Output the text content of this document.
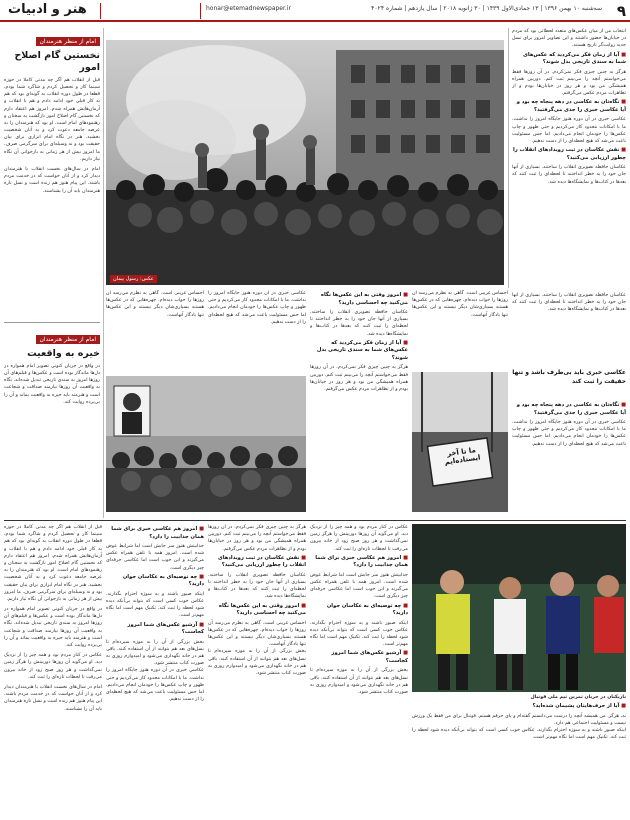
۹
سه‌شنبه ۱۰ بهمن ۱۳۹۶ | ۱۳ جمادی‌الاول ۱۴۳۹ | ۳۰ ژانویه ۲۰۱۸ | سال یازدهم | شماره ۴۰۲۴
honar@etemadnewspaper.ir
هنر و ادبیات
امام از منظر هنرمندان
نخستین گام اصلاح امور
قبل از انقلاب هم اگر چه مدتی کاملا در حوزه سینما کار و تحصیل کردم و شاگرد شما بودم، قطعا در طول دوره انقلاب به گونه‌ای بود که هم به کار قبلی خود ادامه دادم و هم با انقلاب و آرمان‌هایش همراه شدم. امروز هم اعتقاد دارم که نخستین گام اصلاح امور بازگشت به سخنان و رهنمودهای امام است. او بود که هنرمندان را به عرصه جامعه دعوت کرد و به آنان شخصیت بخشید. هنر در نگاه امام ابزاری برای بیان حقیقت بود و نه وسیله‌ای برای سرگرمی صرف. ما امروز بیش از هر زمانی به بازخوانی آن نگاه نیاز داریم.
امام در سال‌های نخست انقلاب با هنرمندان دیدار کرد و از آنان خواست که در خدمت مردم باشند. این پیام هنوز هم زنده است و نسل تازه هنرمندان باید آن را بشناسند.
امام از منظر هنرمندان
خیره به واقعیت
در واقع در جریان کنونی تصویر امام همواره در دل‌ها ماندگار بوده است و عکس‌ها و فیلم‌های آن روزها امروز به سندی تاریخی تبدیل شده‌اند. نگاه به واقعیت آن روزها نیازمند صداقت و شجاعت است و هنرمند باید خیره به واقعیت بماند و آن را بی‌پرده روایت کند.
عکس: رسول پیمان
انتخاب من از میان عکس‌های متعدد لحظاتی بود که مردم در خیابان‌ها حضور داشتند و این تصاویر امروز برای نسل جدید روایت‌گر تاریخ هستند.
■ آیا از زمان فکر می‌کردید که عکس‌های شما به سندی تاریخی بدل شوند؟
هرگز به چنین چیزی فکر نمی‌کردم. در آن روزها فقط می‌خواستم آنچه را می‌بینم ثبت کنم. دوربین همراه همیشگی من بود و هر روز در خیابان‌ها بودم و از تظاهرات مردم عکس می‌گرفتم.
■ نگاه‌تان به عکاسی در دهه پنجاه چه بود و آیا عکاسی خبری را جدی می‌گرفتید؟
عکاسی خبری در آن دوره هنوز جایگاه امروز را نداشت. ما با امکانات محدود کار می‌کردیم و حتی ظهور و چاپ عکس‌ها را خودمان انجام می‌دادیم. اما حس مسئولیت باعث می‌شد که هیچ لحظه‌ای را از دست ندهیم.
■ نقش عکاسان در ثبت رویدادهای انقلاب را چطور ارزیابی می‌کنید؟
عکاسان حافظه تصویری انقلاب را ساختند. بسیاری از آنها جان خود را به خطر انداختند تا لحظه‌ای را ثبت کنند که بعدها در کتاب‌ها و نمایشگاه‌ها دیده شد.
احساس غریبی است. گاهی به نظرم می‌رسد آن روزها را خواب دیده‌ام. چهره‌هایی که در عکس‌ها هستند بسیاری‌شان دیگر نیستند و این عکس‌ها تنها یادگار آنهاست.
عکاسی خبری در آن دوره هنوز جایگاه امروز را نداشت. ما با امکانات محدود کار می‌کردیم و حتی ظهور و چاپ عکس‌ها را خودمان انجام می‌دادیم. اما حس مسئولیت باعث می‌شد که هیچ لحظه‌ای را از دست ندهیم.
■ امروز وقتی به این عکس‌ها نگاه می‌کنید چه احساسی دارید؟
عکاسان حافظه تصویری انقلاب را ساختند. بسیاری از آنها جان خود را به خطر انداختند تا لحظه‌ای را ثبت کنند که بعدها در کتاب‌ها و نمایشگاه‌ها دیده شد.
■ آیا از زمان فکر می‌کردید که عکس‌های شما به سندی تاریخی بدل شوند؟
هرگز به چنین چیزی فکر نمی‌کردم. در آن روزها فقط می‌خواستم آنچه را می‌بینم ثبت کنم. دوربین همراه همیشگی من بود و هر روز در خیابان‌ها بودم و از تظاهرات مردم عکس می‌گرفتم.
احساس غریبی است. گاهی به نظرم می‌رسد آن روزها را خواب دیده‌ام. چهره‌هایی که در عکس‌ها هستند بسیاری‌شان دیگر نیستند و این عکس‌ها تنها یادگار آنهاست.
عکاسان حافظه تصویری انقلاب را ساختند. بسیاری از آنها جان خود را به خطر انداختند تا لحظه‌ای را ثبت کنند که بعدها در کتاب‌ها و نمایشگاه‌ها دیده شد.
ما تا آخر ایستاده‌ایم
عکاسی خبری باید بی‌طرف باشد و تنها حقیقت را ثبت کند
■ نگاه‌تان به عکاسی در دهه پنجاه چه بود و آیا عکاسی خبری را جدی می‌گرفتید؟
عکاسی خبری در آن دوره هنوز جایگاه امروز را نداشت. ما با امکانات محدود کار می‌کردیم و حتی ظهور و چاپ عکس‌ها را خودمان انجام می‌دادیم. اما حس مسئولیت باعث می‌شد که هیچ لحظه‌ای را از دست ندهیم.
بازیکنان در جریان تمرین تیم ملی فوتبال
■ آیا از حرف‌هایتان پشیمان شده‌اید؟
نه، هرگز. من همیشه آنچه را درست می‌دانستم گفته‌ام و پای حرفم هستم. فوتبال برای من فقط یک ورزش نیست و مسئولیت اجتماعی هم دارد.
اینکه صبور باشند و به سوژه احترام بگذارند. عکاس خوب کسی است که بتواند بی‌آنکه دیده شود لحظه را ثبت کند. تکنیک مهم است اما نگاه مهم‌تر است.
عکاس در کنار مردم بود و همه چیز را از نزدیک دید. او می‌گوید آن روزها دوربینش را هرگز زمین نمی‌گذاشت و هر روز صبح زود از خانه بیرون می‌رفت تا لحظات تازه‌ای را ثبت کند.
■ امروز هم عکاسی خبری برای شما همان جذابیت را دارد؟
جذابیتش هنوز سر جایش است اما شرایط عوض شده است. امروز همه با تلفن همراه عکس می‌گیرند و این خوب است اما عکاسی حرفه‌ای چیز دیگری است.
■ چه توصیه‌ای به عکاسان جوان دارید؟
اینکه صبور باشند و به سوژه احترام بگذارند. عکاس خوب کسی است که بتواند بی‌آنکه دیده شود لحظه را ثبت کند. تکنیک مهم است اما نگاه مهم‌تر است.
■ آرشیو عکس‌های شما امروز کجاست؟
بخش بزرگی از آن را به موزه سپرده‌ام تا نسل‌های بعد هم بتوانند از آن استفاده کنند. باقی هم در خانه نگهداری می‌شود و امیدوارم روزی به صورت کتاب منتشر شود.
هرگز به چنین چیزی فکر نمی‌کردم. در آن روزها فقط می‌خواستم آنچه را می‌بینم ثبت کنم. دوربین همراه همیشگی من بود و هر روز در خیابان‌ها بودم و از تظاهرات مردم عکس می‌گرفتم.
■ نقش عکاسان در ثبت رویدادهای انقلاب را چطور ارزیابی می‌کنید؟
عکاسان حافظه تصویری انقلاب را ساختند. بسیاری از آنها جان خود را به خطر انداختند تا لحظه‌ای را ثبت کنند که بعدها در کتاب‌ها و نمایشگاه‌ها دیده شد.
■ امروز وقتی به این عکس‌ها نگاه می‌کنید چه احساسی دارید؟
احساس غریبی است. گاهی به نظرم می‌رسد آن روزها را خواب دیده‌ام. چهره‌هایی که در عکس‌ها هستند بسیاری‌شان دیگر نیستند و این عکس‌ها تنها یادگار آنهاست.
بخش بزرگی از آن را به موزه سپرده‌ام تا نسل‌های بعد هم بتوانند از آن استفاده کنند. باقی هم در خانه نگهداری می‌شود و امیدوارم روزی به صورت کتاب منتشر شود.
■ امروز هم عکاسی خبری برای شما همان جذابیت را دارد؟
جذابیتش هنوز سر جایش است اما شرایط عوض شده است. امروز همه با تلفن همراه عکس می‌گیرند و این خوب است اما عکاسی حرفه‌ای چیز دیگری است.
■ چه توصیه‌ای به عکاسان جوان دارید؟
اینکه صبور باشند و به سوژه احترام بگذارند. عکاس خوب کسی است که بتواند بی‌آنکه دیده شود لحظه را ثبت کند. تکنیک مهم است اما نگاه مهم‌تر است.
■ آرشیو عکس‌های شما امروز کجاست؟
بخش بزرگی از آن را به موزه سپرده‌ام تا نسل‌های بعد هم بتوانند از آن استفاده کنند. باقی هم در خانه نگهداری می‌شود و امیدوارم روزی به صورت کتاب منتشر شود.
عکاسی خبری در آن دوره هنوز جایگاه امروز را نداشت. ما با امکانات محدود کار می‌کردیم و حتی ظهور و چاپ عکس‌ها را خودمان انجام می‌دادیم. اما حس مسئولیت باعث می‌شد که هیچ لحظه‌ای را از دست ندهیم.
قبل از انقلاب هم اگر چه مدتی کاملا در حوزه سینما کار و تحصیل کردم و شاگرد شما بودم، قطعا در طول دوره انقلاب به گونه‌ای بود که هم به کار قبلی خود ادامه دادم و هم با انقلاب و آرمان‌هایش همراه شدم. امروز هم اعتقاد دارم که نخستین گام اصلاح امور بازگشت به سخنان و رهنمودهای امام است. او بود که هنرمندان را به عرصه جامعه دعوت کرد و به آنان شخصیت بخشید. هنر در نگاه امام ابزاری برای بیان حقیقت بود و نه وسیله‌ای برای سرگرمی صرف. ما امروز بیش از هر زمانی به بازخوانی آن نگاه نیاز داریم.
در واقع در جریان کنونی تصویر امام همواره در دل‌ها ماندگار بوده است و عکس‌ها و فیلم‌های آن روزها امروز به سندی تاریخی تبدیل شده‌اند. نگاه به واقعیت آن روزها نیازمند صداقت و شجاعت است و هنرمند باید خیره به واقعیت بماند و آن را بی‌پرده روایت کند.
عکاس در کنار مردم بود و همه چیز را از نزدیک دید. او می‌گوید آن روزها دوربینش را هرگز زمین نمی‌گذاشت و هر روز صبح زود از خانه بیرون می‌رفت تا لحظات تازه‌ای را ثبت کند.
امام در سال‌های نخست انقلاب با هنرمندان دیدار کرد و از آنان خواست که در خدمت مردم باشند. این پیام هنوز هم زنده است و نسل تازه هنرمندان باید آن را بشناسند.
